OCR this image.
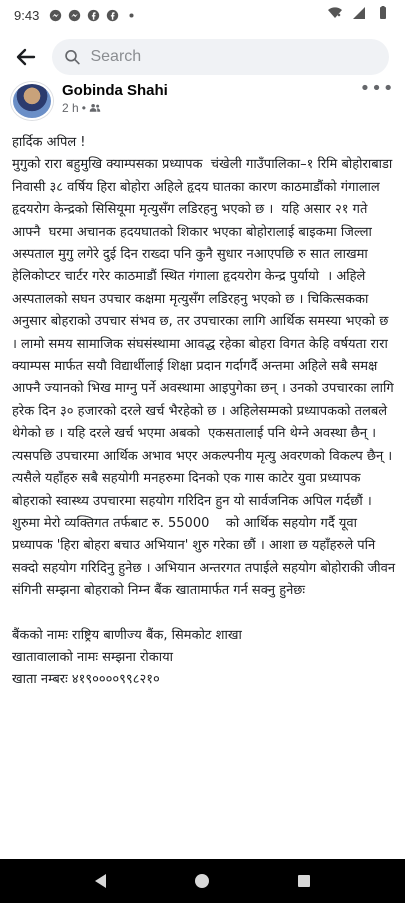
9:43
Search
Gobinda Shahi
2 h •
•••

हार्दिक अपिल !
मुगुको रारा बहुमुखि क्याम्पसका प्रध्यापक  चंखेली गाउँपालिका–१ रिमि बोहोराबाडा निवासी ३८ वर्षिय हिरा बोहोरा अहिले हृदय घातका कारण काठमाडौंको गंगालाल हृदयरोग केन्द्रको सिसियूमा मृत्युसँग लडिरहनु भएको छ ।  यहि असार २१ गते आफ्नै  घरमा अचानक हदयघातको शिकार भएका बोहोरालाई बाइकमा जिल्ला अस्पताल मुगु लगेरे दुई दिन राख्दा पनि कुनै सुधार नआएपछि रु सात लाखमा हेलिकोप्टर चार्टर गरेर काठमाडौं स्थित गंगाला हृदयरोग केन्द्र पुर्यायो  । अहिले अस्पतालको सघन उपचार कक्षमा मृत्युसँग लडिरहनु भएको छ । चिकित्सकका अनुसार बोहराको उपचार संभव छ, तर उपचारका लागि आर्थिक समस्या भएको छ । लामो समय सामाजिक संघसंस्थामा आवद्ध रहेका बोहरा विगत केहि वर्षयता रारा क्याम्पस मार्फत सयौ विद्यार्थीलाई शिक्षा प्रदान गर्दागर्दै अन्तमा अहिले सबै समक्ष आफ्नै ज्यानको भिख माग्नु पर्ने अवस्थामा आइपुगेका छन् । उनको उपचारका लागि हरेक दिन ३० हजारको दरले खर्च भैरहेको छ । अहिलेसम्मको प्रध्यापकको तलबले थेगेको छ । यहि दरले खर्च भएमा अबको  एकसतालाई पनि थेग्ने अवस्था छैन् । त्यसपछि उपचारमा आर्थिक अभाव भएर अकल्पनीय मृत्यु अवरणको विकल्प छैन् । त्यसैले यहाँहरु सबै सहयोगी मनहरुमा दिनको एक गास काटेर युवा प्रध्यापक बोहराको स्वास्थ्य उपचारमा सहयोग गरिदिन हुन यो सार्वजनिक अपिल गर्दछौं । शुरुमा मेरो व्यक्तिगत तर्फबाट रु. 55000    को आर्थिक सहयोग गर्दै यूवा प्रध्यापक 'हिरा बोहरा बचाउ अभियान' शुरु गरेका छौं । आशा छ यहाँहरुले पनि सक्दो सहयोग गरिदिनु हुनेछ । अभियान अन्तरगत तपाईले सहयोग बोहोराकी जीवन संगिनी सम्झना बोहराको निम्न बैंक खातामार्फत गर्न सक्नु हुनेछः

बैंकको नामः राष्ट्रिय बाणीज्य बैंक, सिमकोट शाखा

खातावालाको नामः सम्झना रोकाया

खाता नम्बरः ४१९००००९९८२१०
